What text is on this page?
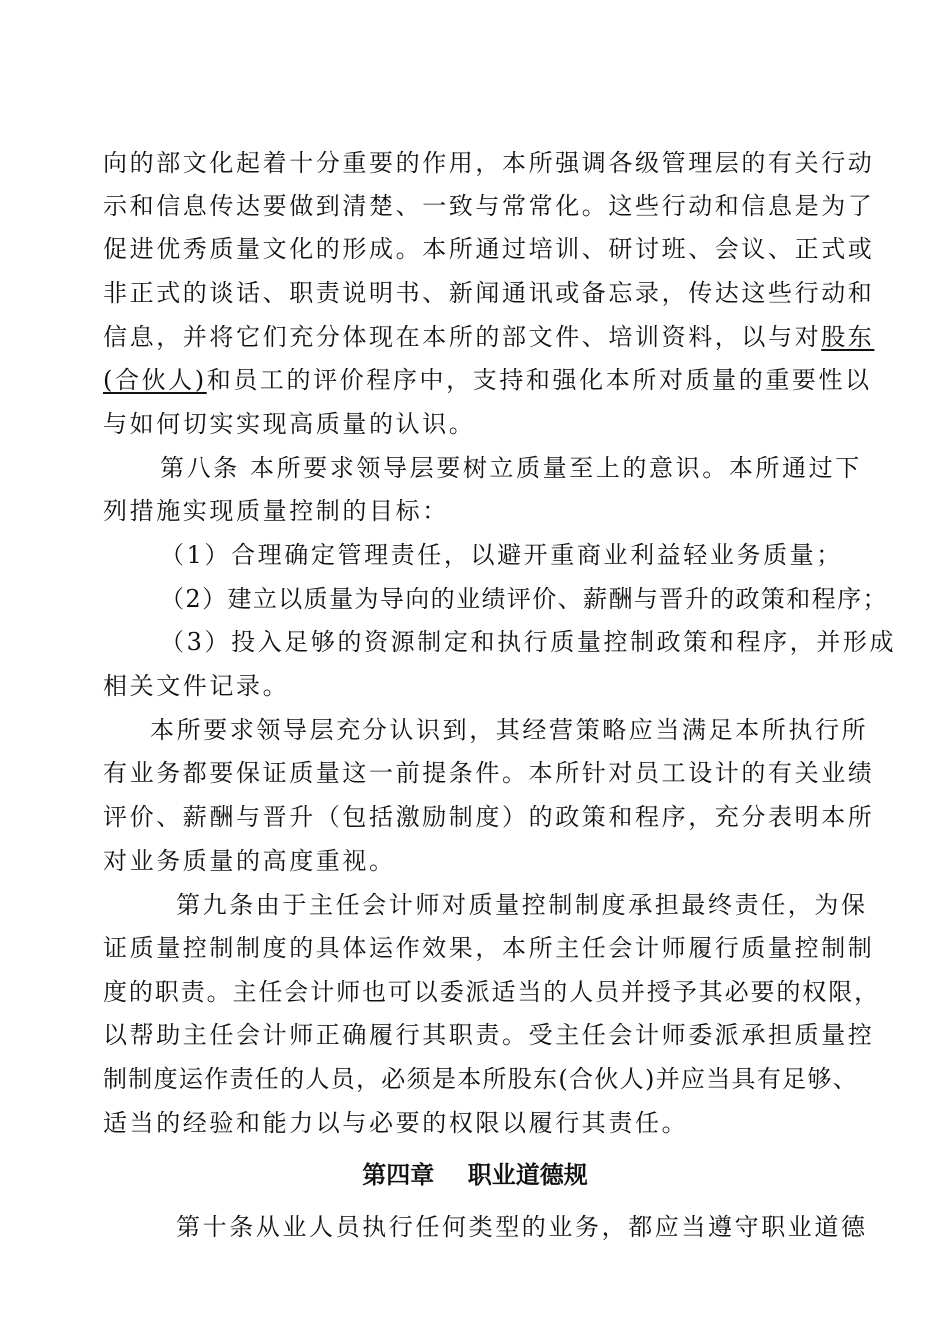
向的部文化起着十分重要的作用，本所强调各级管理层的有关行动
示和信息传达要做到清楚、一致与常常化。这些行动和信息是为了
促进优秀质量文化的形成。本所通过培训、研讨班、会议、正式或
非正式的谈话、职责说明书、新闻通讯或备忘录，传达这些行动和
信息，并将它们充分体现在本所的部文件、培训资料，以与对股东
(合伙人)和员工的评价程序中，支持和强化本所对质量的重要性以
与如何切实实现高质量的认识。
第八条 本所要求领导层要树立质量至上的意识。本所通过下
列措施实现质量控制的目标：
（1）合理确定管理责任，以避开重商业利益轻业务质量；
（2）建立以质量为导向的业绩评价、薪酬与晋升的政策和程序；
（3）投入足够的资源制定和执行质量控制政策和程序，并形成
相关文件记录。
本所要求领导层充分认识到，其经营策略应当满足本所执行所
有业务都要保证质量这一前提条件。本所针对员工设计的有关业绩
评价、薪酬与晋升（包括激励制度）的政策和程序，充分表明本所
对业务质量的高度重视。
第九条由于主任会计师对质量控制制度承担最终责任，为保
证质量控制制度的具体运作效果，本所主任会计师履行质量控制制
度的职责。主任会计师也可以委派适当的人员并授予其必要的权限，
以帮助主任会计师正确履行其职责。受主任会计师委派承担质量控
制制度运作责任的人员，必须是本所股东(合伙人)并应当具有足够、
适当的经验和能力以与必要的权限以履行其责任。
第四章    职业道德规
第十条从业人员执行任何类型的业务，都应当遵守职业道德
